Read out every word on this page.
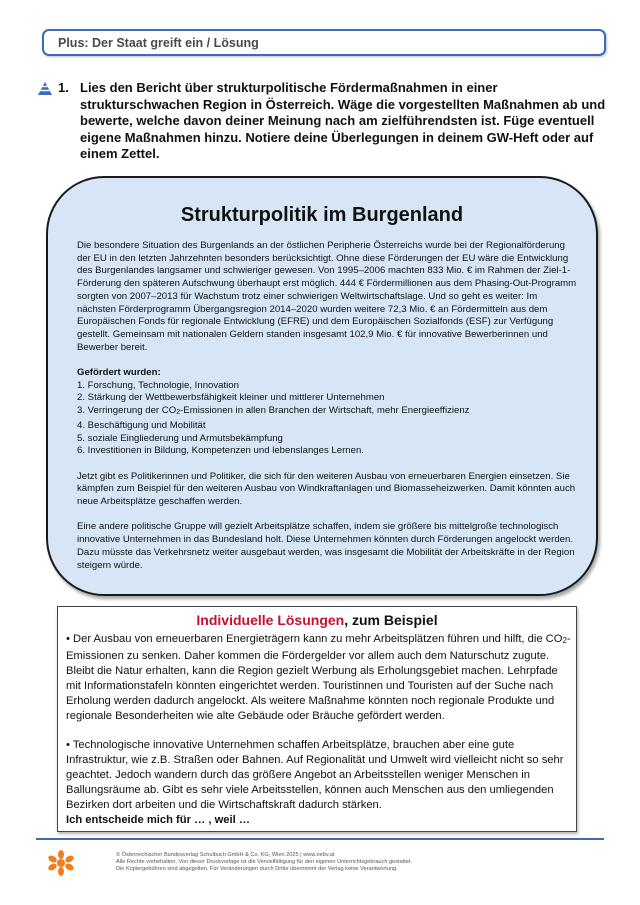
Plus: Der Staat greift ein / Lösung
1. Lies den Bericht über strukturpolitische Fördermaßnahmen in einer strukturschwachen Region in Österreich. Wäge die vorgestellten Maßnahmen ab und bewerte, welche davon deiner Meinung nach am zielführendsten ist. Füge eventuell eigene Maßnahmen hinzu. Notiere deine Überlegungen in deinem GW-Heft oder auf einem Zettel.
Strukturpolitik im Burgenland

Die besondere Situation des Burgenlands an der östlichen Peripherie Österreichs wurde bei der Regionalförderung der EU in den letzten Jahrzehnten besonders berücksichtigt. Ohne diese Förderungen der EU wäre die Entwicklung des Burgenlandes langsamer und schwieriger gewesen. Von 1995–2006 machten 833 Mio. € im Rahmen der Ziel-1-Förderung den späteren Aufschwung überhaupt erst möglich. 444 € Fördermillionen aus dem Phasing-Out-Programm sorgten von 2007–2013 für Wachstum trotz einer schwierigen Weltwirtschaftslage. Und so geht es weiter: Im nächsten Förderprogramm Übergangsregion 2014–2020 wurden weitere 72,3 Mio. € an Fördermitteln aus dem Europäischen Fonds für regionale Entwicklung (EFRE) und dem Europäischen Sozialfonds (ESF) zur Verfügung gestellt. Gemeinsam mit nationalen Geldern standen insgesamt 102,9 Mio. € für innovative Bewerberinnen und Bewerber bereit.

Gefördert wurden:

1. Forschung, Technologie, Innovation
2. Stärkung der Wettbewerbsfähigkeit kleiner und mittlerer Unternehmen
3. Verringerung der $CO_2$-Emissionen in allen Branchen der Wirtschaft, mehr Energieeffizienz
4. Beschäftigung und Mobilität
5. soziale Eingliederung und Armutsbekämpfung
6. Investitionen in Bildung, Kompetenzen und lebenslanges Lernen.

Jetzt gibt es Politikerinnen und Politiker, die sich für den weiteren Ausbau von erneuerbaren Energien einsetzen. Sie kämpfen zum Beispiel für den weiteren Ausbau von Windkraftanlagen und Biomasseheizwerken. Damit könnten auch neue Arbeitsplätze geschaffen werden.

Eine andere politische Gruppe will gezielt Arbeitsplätze schaffen, indem sie größere bis mittelgroße technologisch innovative Unternehmen in das Bundesland holt. Diese Unternehmen könnten durch Förderungen angelockt werden. Dazu müsste das Verkehrsnetz weiter ausgebaut werden, was insgesamt die Mobilität der Arbeitskräfte in der Region steigern würde.

Individuelle Lösungen, zum Beispiel

• Der Ausbau von erneuerbaren Energieträgern kann zu mehr Arbeitsplätzen führen und hilft, die $CO_2$-Emissionen zu senken. Daher kommen die Fördergelder vor allem auch dem Naturschutz zugute. Bleibt die Natur erhalten, kann die Region gezielt Werbung als Erholungsgebiet machen. Lehrpfade mit Informationstafeln könnten eingerichtet werden. Touristinnen und Touristen auf der Suche nach Erholung werden dadurch angelockt. Als weitere Maßnahme könnten noch regionale Produkte und regionale Besonderheiten wie alte Gebäude oder Bräuche gefördert werden.

• Technologische innovative Unternehmen schaffen Arbeitsplätze, brauchen aber eine gute Infrastruktur, wie z.B. Straßen oder Bahnen. Auf Regionalität und Umwelt wird vielleicht nicht so sehr geachtet. Jedoch wandern durch das größere Angebot an Arbeitsstellen weniger Menschen in Ballungsräume ab. Gibt es sehr viele Arbeitsstellen, können auch Menschen aus den umliegenden Bezirken dort arbeiten und die Wirtschaftskraft dadurch stärken.

Ich entscheide mich für … , weil …

© Österreichischer Bundesverlag Schulbuch GmbH & Co. KG, Wien 2025 | www.oebv.at
Alle Rechte vorbehalten. Von dieser Druckvorlage ist die Vervielfältigung für den eigenen Unterrichtsgebrauch gestattet.
Die Kopiergebühren sind abgegolten. Für Veränderungen durch Dritte übernimmt der Verlag keine Verantwortung.
